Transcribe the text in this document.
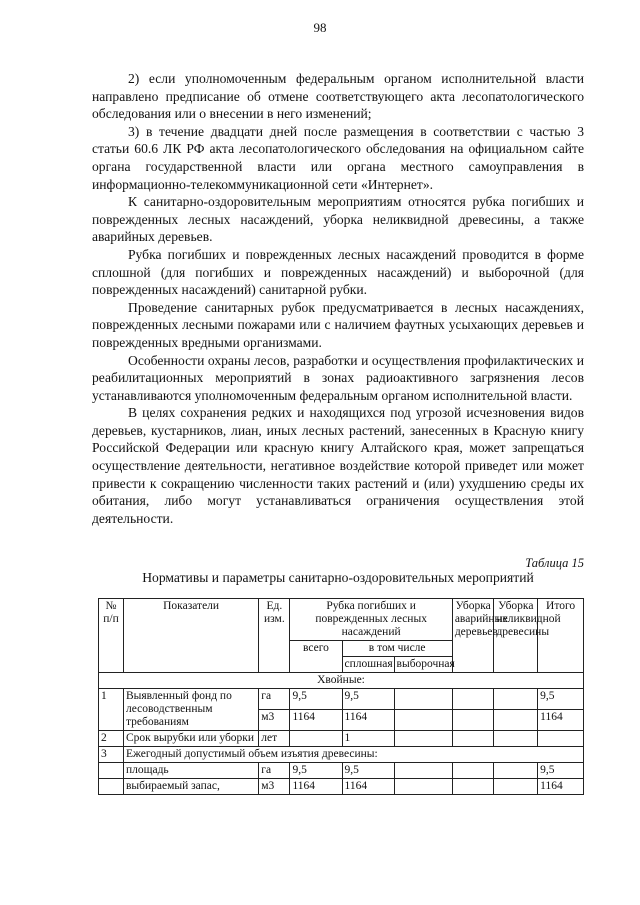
98

2) если уполномоченным федеральным органом исполнительной власти направлено предписание об отмене соответствующего акта лесопатологического обследования или о внесении в него изменений;

3) в течение двадцати дней после размещения в соответствии с частью 3 статьи 60.6 ЛК РФ акта лесопатологического обследования на официальном сайте органа государственной власти или органа местного самоуправления в информационно-телекоммуникационной сети «Интернет».

К санитарно-оздоровительным мероприятиям относятся рубка погибших и поврежденных лесных насаждений, уборка неликвидной древесины, а также аварийных деревьев.

Рубка погибших и поврежденных лесных насаждений проводится в форме сплошной (для погибших и поврежденных насаждений) и выборочной (для поврежденных насаждений) санитарной рубки.

Проведение санитарных рубок предусматривается в лесных насаждениях, поврежденных лесными пожарами или с наличием фаутных усыхающих деревьев и поврежденных вредными организмами.

Особенности охраны лесов, разработки и осуществления профилактических и реабилитационных мероприятий в зонах радиоактивного загрязнения лесов устанавливаются уполномоченным федеральным органом исполнительной власти.

В целях сохранения редких и находящихся под угрозой исчезновения видов деревьев, кустарников, лиан, иных лесных растений, занесенных в Красную книгу Российской Федерации или красную книгу Алтайского края, может запрещаться осуществление деятельности, негативное воздействие которой приведет или может привести к сокращению численности таких растений и (или) ухудшению среды их обитания, либо могут устанавливаться ограничения осуществления этой деятельности.

Таблица 15
Нормативы и параметры санитарно-оздоровительных мероприятий
№ п/п	Показатели	Ед. изм.	Рубка погибших и поврежденных лесных насаждений			Уборка аварийных деревьев	Уборка неликвидной древесины	Итого
			всего	в том числе				
				сплошная	выборочная			
Хвойные:								
1	Выявленный фонд по лесоводственным требованиям	га	9,5	9,5				9,5
		м3	1164	1164				1164
2	Срок вырубки или уборки	лет		1				
3	Ежегодный допустимый объем изъятия древесины:							
	площадь	га	9,5	9,5				9,5
	выбираемый запас,	м3	1164	1164				1164
